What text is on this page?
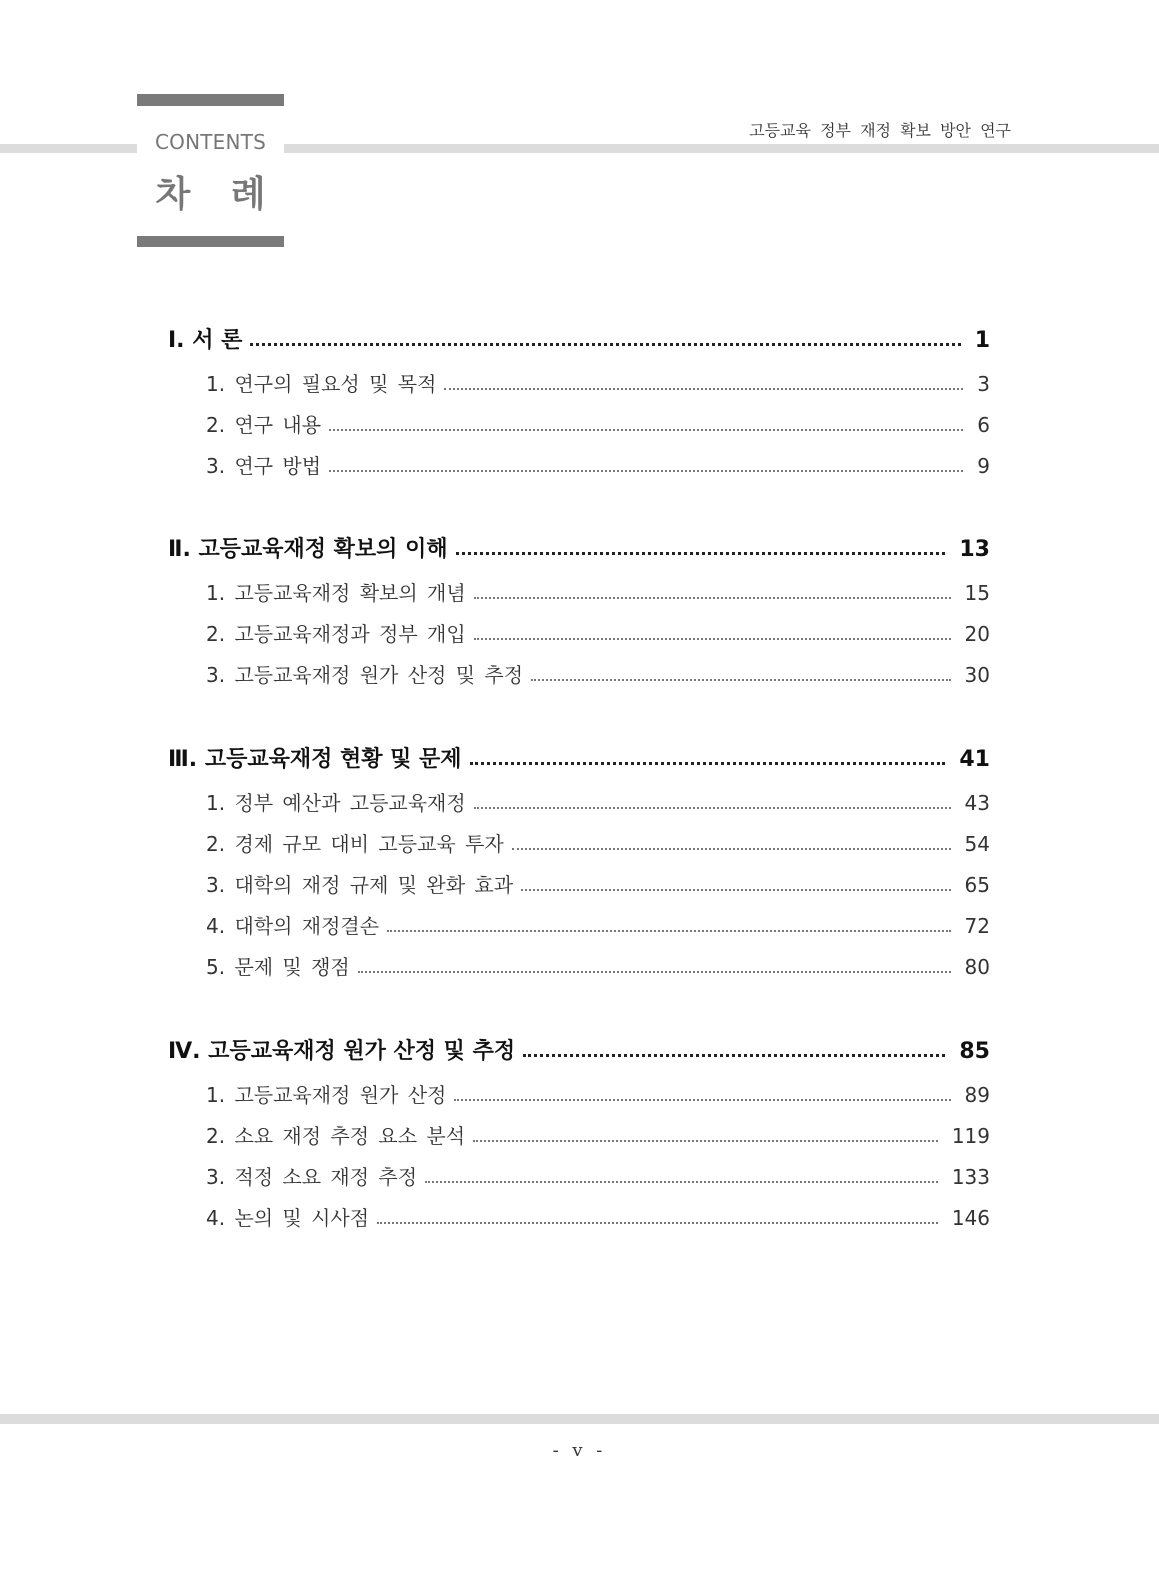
CONTENTS
차 례
고등교육 정부 재정 확보 방안 연구
Ⅰ. 서 론	1
1. 연구의 필요성 및 목적	3
2. 연구 내용	6
3. 연구 방법	9
Ⅱ. 고등교육재정 확보의 이해	13
1. 고등교육재정 확보의 개념	15
2. 고등교육재정과 정부 개입	20
3. 고등교육재정 원가 산정 및 추정	30
Ⅲ. 고등교육재정 현황 및 문제	41
1. 정부 예산과 고등교육재정	43
2. 경제 규모 대비 고등교육 투자	54
3. 대학의 재정 규제 및 완화 효과	65
4. 대학의 재정결손	72
5. 문제 및 쟁점	80
Ⅳ. 고등교육재정 원가 산정 및 추정	85
1. 고등교육재정 원가 산정	89
2. 소요 재정 추정 요소 분석	119
3. 적정 소요 재정 추정	133
4. 논의 및 시사점	146
- v -
